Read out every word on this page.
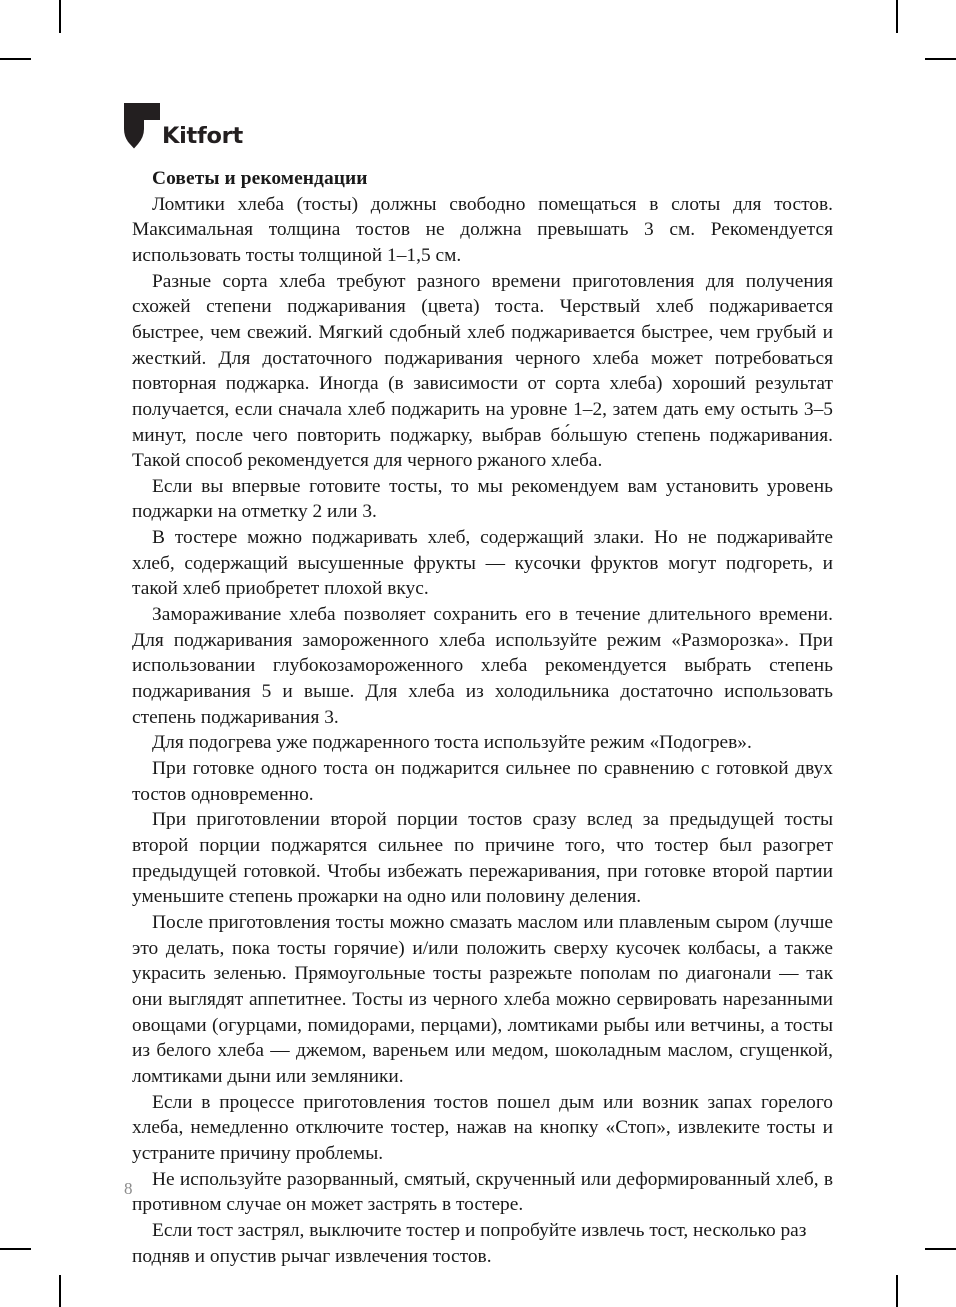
Kitfort
Советы и рекомендации

Ломтики хлеба (тосты) должны свободно помещаться в слоты для тостов. Максимальная толщина тостов не должна превышать 3 см. Рекомендуется использовать тосты толщиной 1–1,5 см.

Разные сорта хлеба требуют разного времени приготовления для получения схожей степени поджаривания (цвета) тоста. Черствый хлеб поджаривается быстрее, чем свежий. Мягкий сдобный хлеб поджаривается быстрее, чем грубый и жесткий. Для достаточного поджаривания черного хлеба может потребоваться повторная поджарка. Иногда (в зависимости от сорта хлеба) хороший результат получается, если сначала хлеб поджарить на уровне 1–2, затем дать ему остыть 3–5 минут, после чего повторить поджарку, выбрав бо́льшую степень поджаривания. Такой способ рекомендуется для черного ржаного хлеба.

Если вы впервые готовите тосты, то мы рекомендуем вам установить уровень поджарки на отметку 2 или 3.

В тостере можно поджаривать хлеб, содержащий злаки. Но не поджаривайте хлеб, содержащий высушенные фрукты — кусочки фруктов могут подгореть, и такой хлеб приобретет плохой вкус.

Замораживание хлеба позволяет сохранить его в течение длительного времени. Для поджаривания замороженного хлеба используйте режим «Разморозка». При использовании глубокозамороженного хлеба рекомендуется выбрать степень поджаривания 5 и выше. Для хлеба из холодильника достаточно использовать степень поджаривания 3.

Для подогрева уже поджаренного тоста используйте режим «Подогрев».

При готовке одного тоста он поджарится сильнее по сравнению с готовкой двух тостов одновременно.

При приготовлении второй порции тостов сразу вслед за предыдущей тосты второй порции поджарятся сильнее по причине того, что тостер был разогрет предыдущей готовкой. Чтобы избежать пережаривания, при готовке второй партии уменьшите степень прожарки на одно или половину деления.

После приготовления тосты можно смазать маслом или плавленым сыром (лучше это делать, пока тосты горячие) и/или положить сверху кусочек колбасы, а также украсить зеленью. Прямоугольные тосты разрежьте пополам по диагонали — так они выглядят аппетитнее. Тосты из черного хлеба можно сервировать нарезанными овощами (огурцами, помидорами, перцами), ломтиками рыбы или ветчины, а тосты из белого хлеба — джемом, вареньем или медом, шоколадным маслом, сгущенкой, ломтиками дыни или земляники.

Если в процессе приготовления тостов пошел дым или возник запах горелого хлеба, немедленно отключите тостер, нажав на кнопку «Стоп», извлеките тосты и устраните причину проблемы.

Не используйте разорванный, смятый, скрученный или деформированный хлеб, в противном случае он может застрять в тостере.

Если тост застрял, выключите тостер и попробуйте извлечь тост, несколько раз подняв и опустив рычаг извлечения тостов.

8
